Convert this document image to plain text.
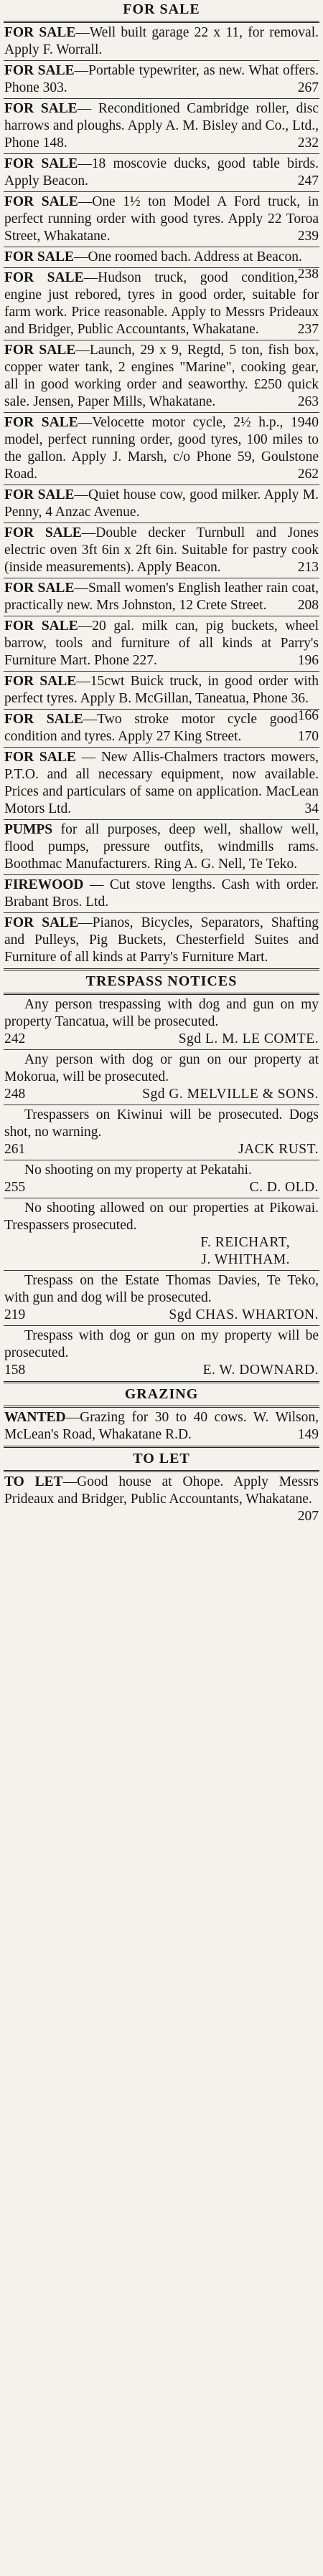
FOR SALE
FOR SALE—Well built garage 22 x 11, for removal. Apply F. Worrall.
FOR SALE—Portable typewriter, as new. What offers. Phone 303.	267
FOR SALE— Reconditioned Cambridge roller, disc harrows and ploughs. Apply A. M. Bisley and Co., Ltd., Phone 148.	232
FOR SALE—18 moscovie ducks, good table birds. Apply Beacon.	247
FOR SALE—One 1½ ton Model A Ford truck, in perfect running order with good tyres. Apply 22 Toroa Street, Whakatane.	239
FOR SALE—One roomed bach. Address at Beacon.
238
FOR SALE—Hudson truck, good condition, engine just rebored, tyres in good order, suitable for farm work. Price reasonable. Apply to Messrs Prideaux and Bridger, Public Accountants, Whakatane.	237
FOR SALE—Launch, 29 x 9, Regtd, 5 ton, fish box, copper water tank, 2 engines "Marine", cooking gear, all in good working order and seaworthy. £250 quick sale. Jensen, Paper Mills, Whakatane.	263
FOR SALE—Velocette motor cycle, 2½ h.p., 1940 model, perfect running order, good tyres, 100 miles to the gallon. Apply J. Marsh, c/o Phone 59, Goulstone Road.	262
FOR SALE—Quiet house cow, good milker. Apply M. Penny, 4 Anzac Avenue.
FOR SALE—Double decker Turnbull and Jones electric oven 3ft 6in x 2ft 6in. Suitable for pastry cook (inside measurements). Apply Beacon.	213
FOR SALE—Small women's English leather rain coat, practically new. Mrs Johnston, 12 Crete Street. 208
FOR SALE—20 gal. milk can, pig buckets, wheel barrow, tools and furniture of all kinds at Parry's Furniture Mart. Phone 227.	196
FOR SALE—15cwt Buick truck, in good order with perfect tyres. Apply B. McGillan, Taneatua, Phone 36.
166
FOR SALE—Two stroke motor cycle good condition and tyres. Apply 27 King Street.	170
FOR SALE — New Allis-Chalmers tractors mowers, P.T.O. and all necessary equipment, now available. Prices and particulars of same on application. MacLean Motors Ltd.	34
PUMPS for all purposes, deep well, shallow well, flood pumps, pressure outfits, windmills rams. Boothmac Manufacturers. Ring A. G. Nell, Te Teko.
FIREWOOD — Cut stove lengths. Cash with order. Brabant Bros. Ltd.
FOR SALE—Pianos, Bicycles, Separators, Shafting and Pulleys, Pig Buckets, Chesterfield Suites and Furniture of all kinds at Parry's Furniture Mart.
TRESPASS NOTICES

Any person trespassing with dog and gun on my property Tancatua, will be prosecuted.

242	Sgd L. M. LE COMTE.

Any person with dog or gun on our property at Mokorua, will be prosecuted.

248	Sgd G. MELVILLE & SONS.

Trespassers on Kiwinui will be prosecuted. Dogs shot, no warning.

261	JACK RUST.

No shooting on my property at Pekatahi.

255	C. D. OLD.

No shooting allowed on our properties at Pikowai. Trespassers prosecuted.

F. REICHART,
J. WHITHAM.

Trespass on the Estate Thomas Davies, Te Teko, with gun and dog will be prosecuted.

219	Sgd CHAS. WHARTON.

Trespass with dog or gun on my property will be prosecuted.

158	E. W. DOWNARD.
GRAZING
WANTED—Grazing for 30 to 40 cows. W. Wilson, McLean's Road, Whakatane R.D.	149
TO LET
TO LET—Good house at Ohope. Apply Messrs Prideaux and Bridger, Public Accountants, Whakatane.
207
